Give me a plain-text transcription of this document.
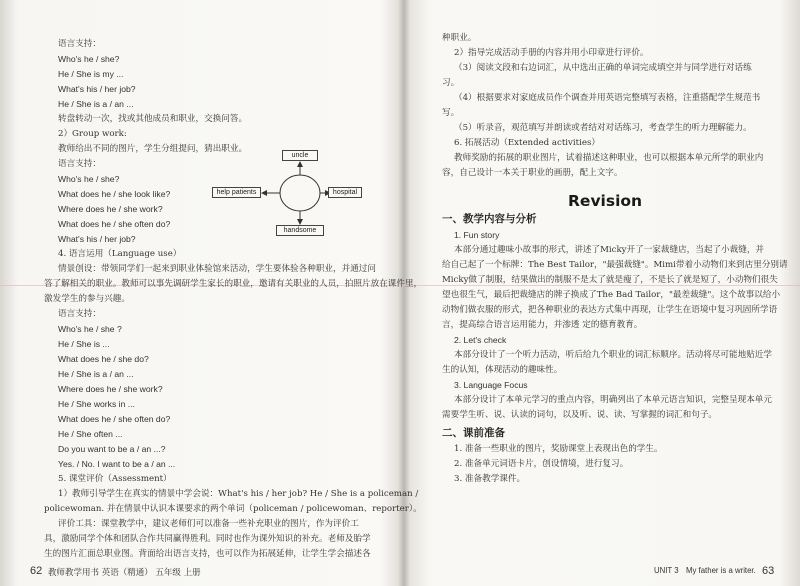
语言支持：
Who's he / she?
He / She is my ...
What's his / her job?
He / She is a / an ...
转盘转动一次，找或其他成员和职业，交换问答。
2）Group work:
教师给出不同的图片，学生分组提问，猜出职业。
语言支持：
Who's he / she?
What does he / she look like?
Where does he / she work?
What does he / she often do?
What's his / her job?
4. 语言运用（Language use）
情景创设：带领同学们一起来到职业体验馆来活动，学生要体验各种职业，并通过问
答了解相关的职业。教师可以事先调研学生家长的职业，邀请有关职业的人员，拍照片放在课件里，
激发学生的参与兴趣。
语言支持：
Who's he / she ?
He / She is ...
What does he / she do?
He / She is a / an ...
Where does he / she work?
He / She works in ...
What does he / she often do?
He / She often ...
Do you want to be a / an ...?
Yes. / No. I want to be a / an ...
5. 课堂评价（Assessment）
1）教师引导学生在真实的情景中学会说：What's his / her job? He / She is a policeman /
policewoman. 并在情景中认识本课要求的两个单词（policeman / policewoman、reporter）。
评价工具：课堂教学中，建议老师们可以准备一些补充职业的图片，作为评价工
具，激励同学个体和团队合作共同赢得胜利。同时也作为课外知识的补充。老师及胎学
生的图片汇面总职业图。背面给出语言支持，也可以作为拓展延伸，让学生学会描述各
uncle
help patients	hospital
handsome
62 教师教学用书 英语（精通） 五年级 上册
种职业。
2）指导完成活动手册的内容并用小印章进行评价。
（3）阅读文段和右边词汇，从中选出正确的单词完成填空并与同学进行对话练
习。
（4）根据要求对家庭成员作个调查并用英语完整填写表格，注重搭配学生规范书
写。
（5）听录音，观范填写并朗读或者结对对话练习，考查学生的听力理解能力。
6. 拓展活动（Extended activities）
教师奖励的拓展的职业图片，试着描述这种职业，也可以根据本单元所学的职业内
容，自己设计一本关于职业的画册，配上文字。
Revision
一、教学内容与分析
1. Fun story
本部分通过趣味小故事的形式，讲述了Micky开了一家裁缝店，当起了小裁缝，并
给自己起了一个标牌：The Best Tailor，"最强裁缝"。Mimi带着小动物们来到店里分别请
Micky做了制服，结果做出的制服不是太了就是瘦了，不是长了就是短了，小动物们很失
望也很生气，最后把裁缝店的牌子换成了The Bad Tailor，"最差裁缝"。这个故事以给小
动物们做衣服的形式，把各种职业的表达方式集中再现，让学生在语境中复习巩固所学语
言，提高综合语言运用能力，并渗透 定的德育教育。
2. Let's check
本部分设计了一个听力活动，听后给九个职业的词汇标顺序。活动将尽可能地贴近学
生的认知，体现活动的趣味性。
3. Language Focus
本部分设计了本单元学习的重点内容，明确列出了本单元语言知识，完整呈现本单元
需要学生听、说、认读的词句，以及听、说、读、写掌握的词汇和句子。
二、课前准备
1. 准备一些职业的图片，奖励课堂上表现出色的学生。
2. 准备单元词语卡片，创设情境，进行复习。
3. 准备教学课件。
UNIT 3 My father is a writer. 63
